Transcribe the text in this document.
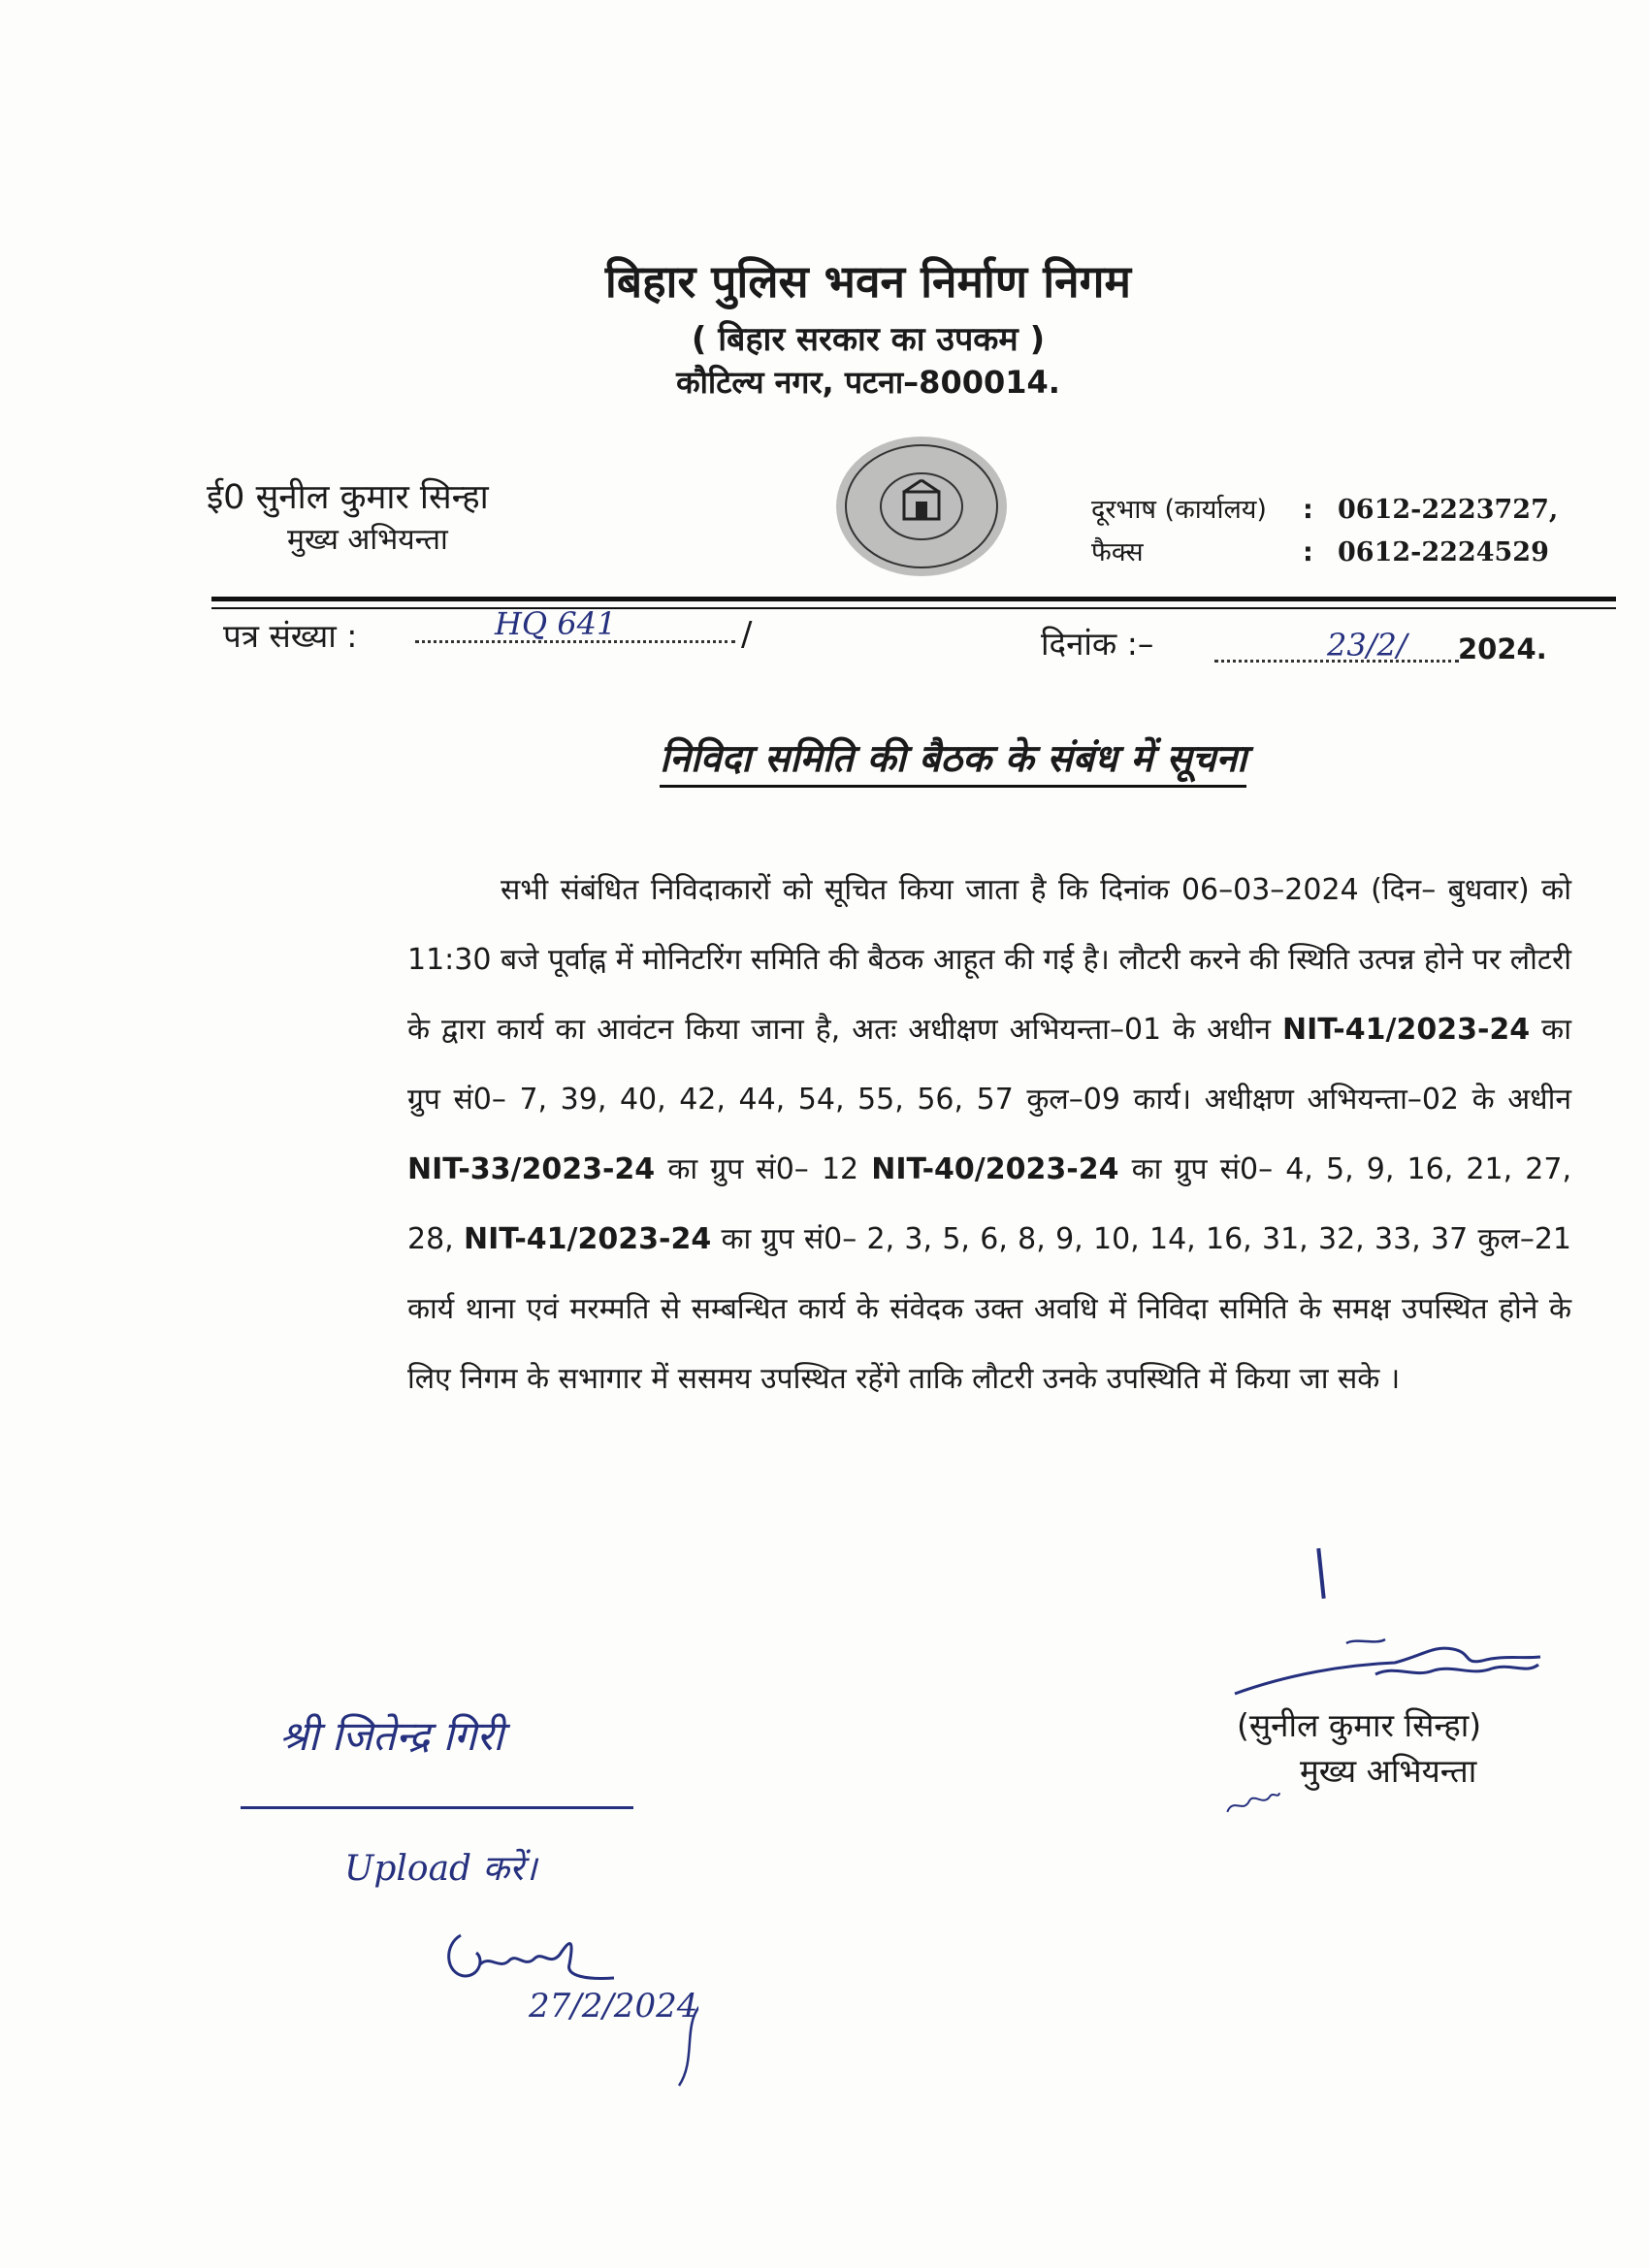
बिहार पुलिस भवन निर्माण निगम
( बिहार सरकार का उपकम )
कौटिल्य नगर, पटना–800014.
ई0 सुनील कुमार सिन्हा
मुख्य अभियन्ता
दूरभाष (कार्यालय)	: 0612-2223727,
फैक्स	: 0612-2224529
पत्र संख्या :	HQ 641	/	दिनांक :–	23/2/ 2024.
निविदा समिति की बैठक के संबंध में सूचना

सभी संबंधित निविदाकारों को सूचित किया जाता है कि दिनांक 06–03–2024 (दिन– बुधवार) को 11:30 बजे पूर्वाह्न में मोनिटरिंग समिति की बैठक आहूत की गई है। लौटरी करने की स्थिति उत्पन्न होने पर लौटरी के द्वारा कार्य का आवंटन किया जाना है, अतः अधीक्षण अभियन्ता–01 के अधीन NIT-41/2023-24 का ग्रुप सं0– 7, 39, 40, 42, 44, 54, 55, 56, 57 कुल–09 कार्य। अधीक्षण अभियन्ता–02 के अधीन NIT-33/2023-24 का ग्रुप सं0– 12 NIT-40/2023-24 का ग्रुप सं0– 4, 5, 9, 16, 21, 27, 28, NIT-41/2023-24 का ग्रुप सं0– 2, 3, 5, 6, 8, 9, 10, 14, 16, 31, 32, 33, 37 कुल–21 कार्य थाना एवं मरम्मति से सम्बन्धित कार्य के संवेदक उक्त अवधि में निविदा समिति के समक्ष उपस्थित होने के लिए निगम के सभागार में ससमय उपस्थित रहेंगे ताकि लौटरी उनके उपस्थिति में किया जा सके ।

(सुनील कुमार सिन्हा)
मुख्य अभियन्ता
श्री जितेन्द्र गिरी
Upload करें।
27/2/2024
